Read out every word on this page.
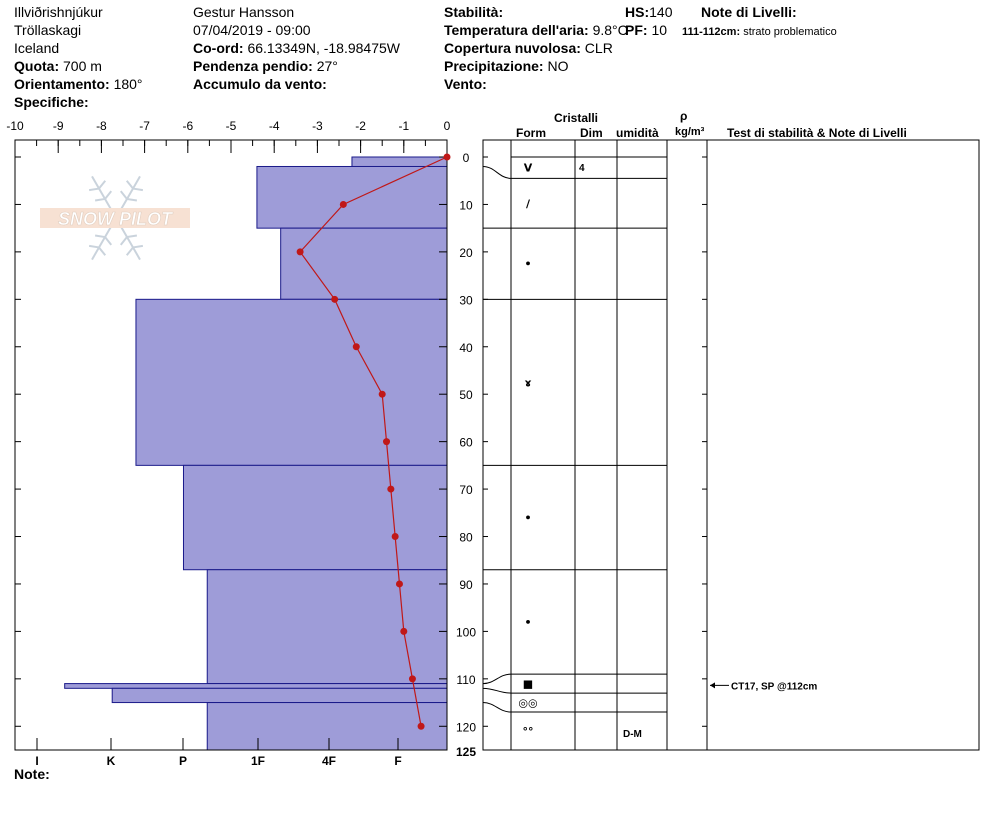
Illviðrishnjúkur
Tröllaskagi
Iceland
Quota: 700 m
Orientamento: 180°
Specifiche:
Gestur Hansson
07/04/2019 - 09:00
Co-ord: 66.13349N, -18.98475W
Pendenza pendio: 27°
Accumulo da vento:
Stabilità:
Temperatura dell'aria: 9.8°C
Copertura nuvolosa: CLR
Precipitazione: NO
Vento:
HS:140
PF: 10
Note di Livelli:
111-112cm: strato problematico
Cristalli
Form	Dim umidità
ρ
kg/m³ Test di stabilità & Note di Livelli
Note:
SNOW PILOT
-10 -9	-8	-7	-6	-5	-4	-3	-2	-1	0
0
10
20
30
40
50
60
70
80
90
100
110
120
125
I	K	P	1F	4F	F
V	4
/
•
ɤ
•
•
■
◎◎
°°	D-M
CT17, SP @112cm
